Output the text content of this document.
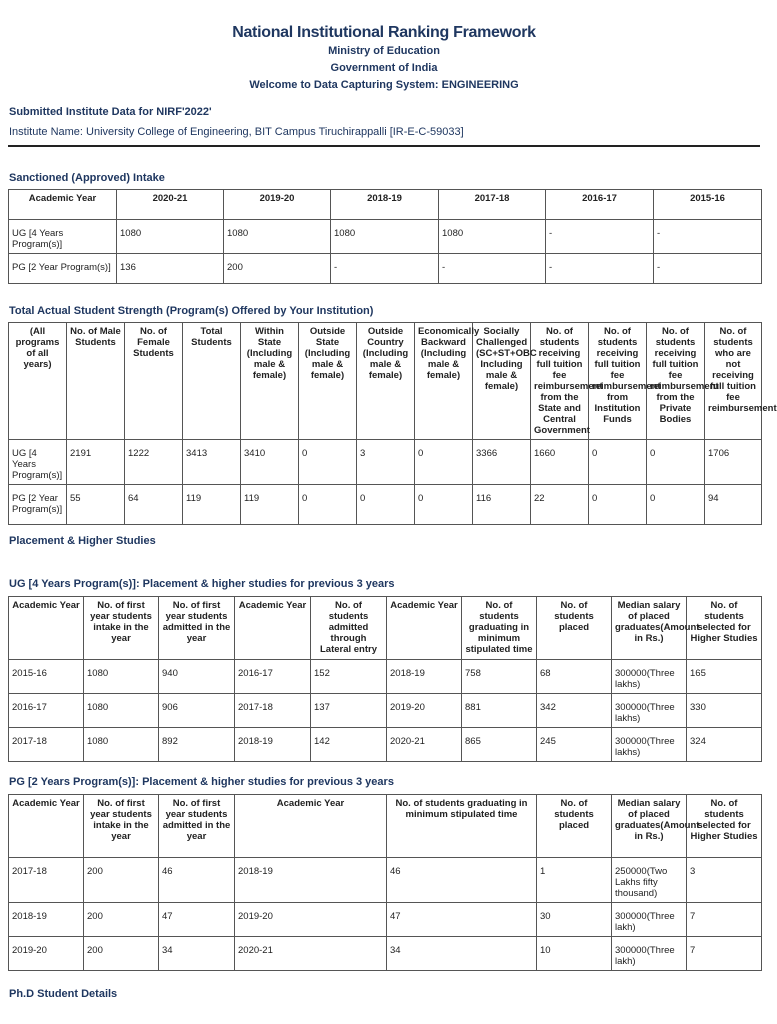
National Institutional Ranking Framework
Ministry of Education
Government of India
Welcome to Data Capturing System: ENGINEERING
Submitted Institute Data for NIRF'2022'
Institute Name: University College of Engineering, BIT Campus Tiruchirappalli [IR-E-C-59033]
Sanctioned (Approved) Intake
Academic Year	2020-21	2019-20	2018-19	2017-18	2016-17	2015-16
UG [4 Years Program(s)]	1080	1080	1080	1080	-	-
PG [2 Year Program(s)]	136	200	-	-	-	-
Total Actual Student Strength (Program(s) Offered by Your Institution)
(All programs of all years)	No. of Male Students	No. of Female Students	Total Students	Within State (Including male & female)	Outside State (Including male & female)	Outside Country (Including male & female)	Economically Backward (Including male & female)	Socially Challenged (SC+ST+OBC Including male & female)	No. of students receiving full tuition fee reimbursement from the State and Central Government	No. of students receiving full tuition fee reimbursement from Institution Funds	No. of students receiving full tuition fee reimbursement from the Private Bodies	No. of students who are not receiving full tuition fee reimbursement
UG [4 Years Program(s)]	2191	1222	3413	3410	0	3	0	3366	1660	0	0	1706
PG [2 Year Program(s)]	55	64	119	119	0	0	0	116	22	0	0	94
Placement & Higher Studies
UG [4 Years Program(s)]: Placement & higher studies for previous 3 years
Academic Year	No. of first year students intake in the year	No. of first year students admitted in the year	Academic Year	No. of students admitted through Lateral entry	Academic Year	No. of students graduating in minimum stipulated time	No. of students placed	Median salary of placed graduates(Amount in Rs.)	No. of students selected for Higher Studies
2015-16	1080	940	2016-17	152	2018-19	758	68	300000(Three lakhs)	165
2016-17	1080	906	2017-18	137	2019-20	881	342	300000(Three lakhs)	330
2017-18	1080	892	2018-19	142	2020-21	865	245	300000(Three lakhs)	324
PG [2 Years Program(s)]: Placement & higher studies for previous 3 years
Academic Year	No. of first year students intake in the year	No. of first year students admitted in the year	Academic Year	No. of students graduating in minimum stipulated time	No. of students placed	Median salary of placed graduates(Amount in Rs.)	No. of students selected for Higher Studies
2017-18	200	46	2018-19	46	1	250000(Two Lakhs fifty thousand)	3
2018-19	200	47	2019-20	47	30	300000(Three lakh)	7
2019-20	200	34	2020-21	34	10	300000(Three lakh)	7
Ph.D Student Details
